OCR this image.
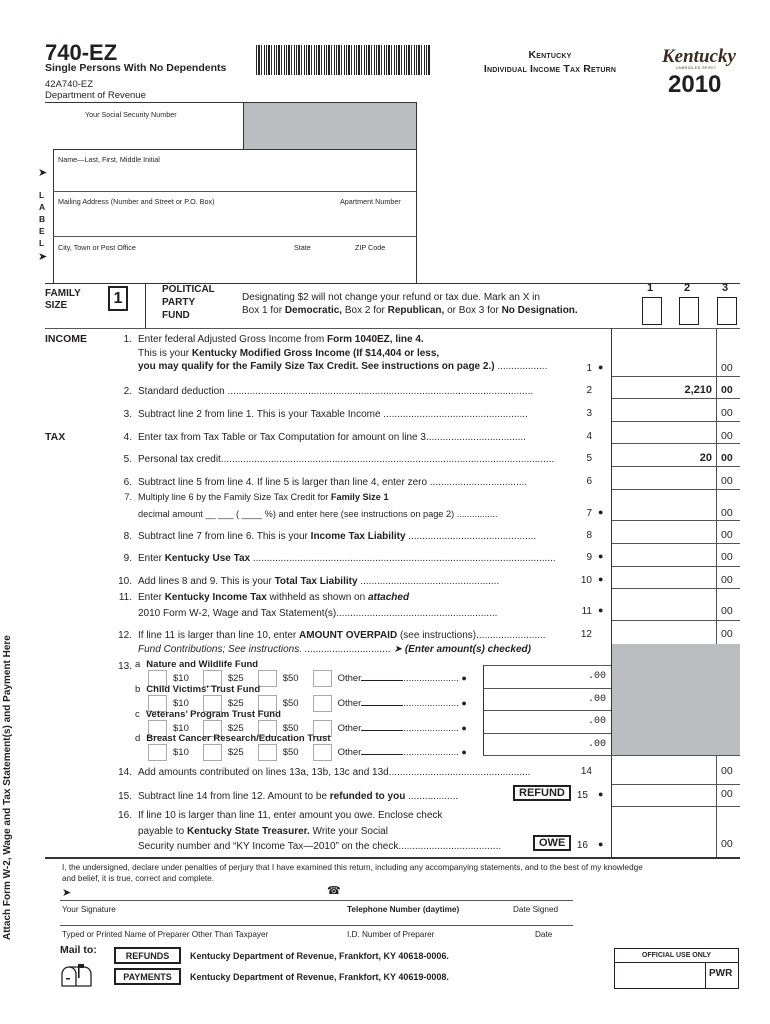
740-EZ
Single Persons With No Dependents
42A740-EZ
Department of Revenue
Kentucky
Individual Income Tax Return
Kentucky
UNBRIDLED SPIRIT
2010
Your Social Security Number
Name—Last, First, Middle Initial
Mailing Address (Number and Street or P.O. Box)	Apartment Number
City, Town or Post Office	State	ZIP Code
➤
L
A
B
E
L
➤
FAMILY
SIZE	1
POLITICAL
PARTY
FUND
Designating $2 will not change your refund or tax due. Mark an X in
Box 1 for Democratic, Box 2 for Republican, or Box 3 for No Designation.
1	2	3
INCOME
TAX
1. Enter federal Adjusted Gross Income from Form 1040EZ, line 4.
This is your Kentucky Modified Gross Income (If $14,404 or less,
you may qualify for the Family Size Tax Credit. See instructions on page 2.) ..................	1 ●	00
2. Standard deduction ..............................................................................................................	2	2,210 00
3. Subtract line 2 from line 1. This is your Taxable Income ....................................................	3	00
4. Enter tax from Tax Table or Tax Computation for amount on line 3....................................	4	00
5. Personal tax credit........................................................................................................................	5	20 00
6. Subtract line 5 from line 4. If line 5 is larger than line 4, enter zero ...................................	6	00
7. Multiply line 6 by the Family Size Tax Credit for Family Size 1
decimal amount __ ___ ( ____ %) and enter here (see instructions on page 2) ................	7 ●	00
8. Subtract line 7 from line 6. This is your Income Tax Liability ..............................................	8	00
9. Enter Kentucky Use Tax .............................................................................................................	9 ●	00
10. Add lines 8 and 9. This is your Total Tax Liability ..................................................	10 ●	00
11. Enter Kentucky Income Tax withheld as shown on attached
2010 Form W-2, Wage and Tax Statement(s)..........................................................	11 ●	00
12. If line 11 is larger than line 10, enter AMOUNT OVERPAID (see instructions).........................
Fund Contributions; See instructions. ............................... ➤ (Enter amount(s) checked)
12	00
13. a Nature and Wildlife Fund
$10	$25	$50	Other	..................... ●	.00
b Child Victims’ Trust Fund
$10	$25	$50	Other	..................... ●	.00
c Veterans’ Program Trust Fund
$10	$25	$50	Other	..................... ●
.00
d Breast Cancer Research/Education Trust
$10	$25	$50	Other	..................... ●
.00
14. Add amounts contributed on lines 13a, 13b, 13c and 13d...................................................	14	00
15. Subtract line 14 from line 12. Amount to be refunded to you ..................	REFUND	15 ●	00
16. If line 10 is larger than line 11, enter amount you owe. Enclose check
payable to Kentucky State Treasurer. Write your Social
Security number and “KY Income Tax—2010” on the check.....................................	OWE	16 ●	00
Attach Form W-2, Wage and Tax Statement(s) and Payment Here	I, the undersigned, declare under penalties of perjury that I have examined this return, including any accompanying statements, and to the best of my knowledge
and belief, it is true, correct and complete.
➤	☎
Your Signature	Telephone Number (daytime)	Date Signed
Typed or Printed Name of Preparer Other Than Taxpayer	I.D. Number of Preparer	Date
Mail to:	REFUNDS	Kentucky Department of Revenue, Frankfort, KY 40618-0006.
PAYMENTS	Kentucky Department of Revenue, Frankfort, KY 40619-0008.
OFFICIAL USE ONLY
PWR
